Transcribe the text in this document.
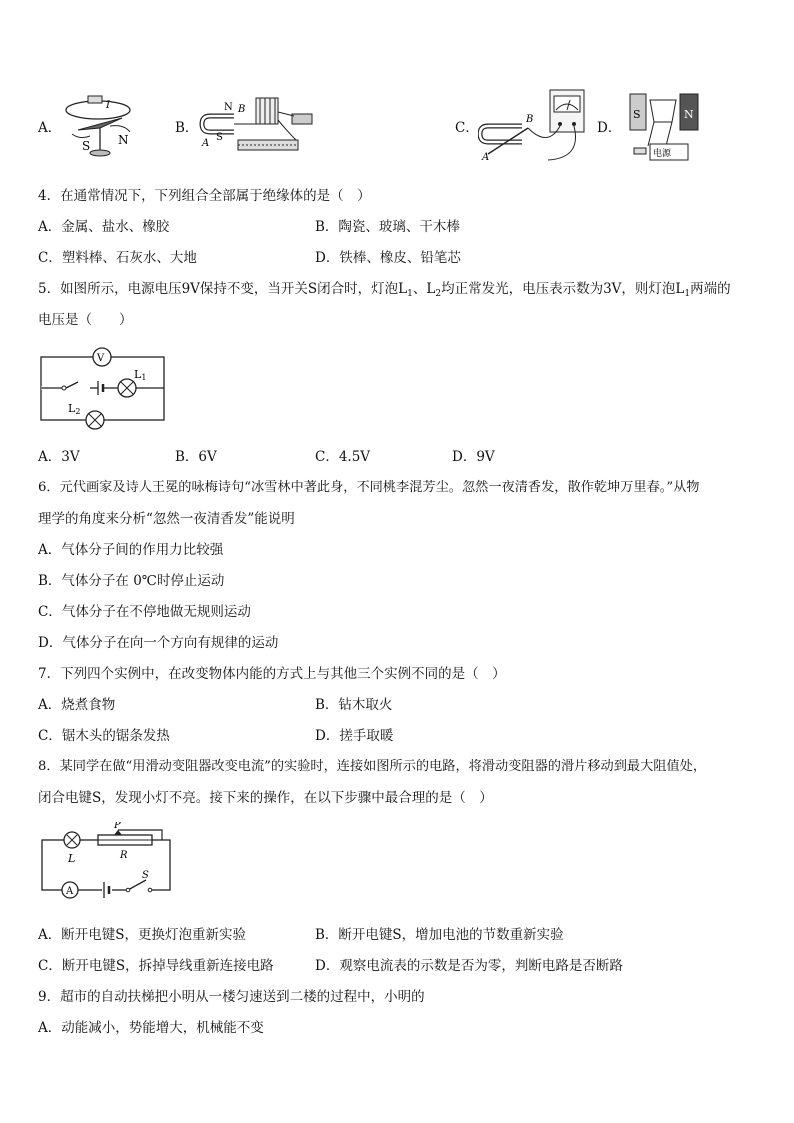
A．
I
S N
B．
N
S
A
B
C．
A
B
D．
S	N
电源
4．在通常情况下，下列组合全部属于绝缘体的是（　）
A．金属、盐水、橡胶	B．陶瓷、玻璃、干木棒
C．塑料棒、石灰水、大地	D．铁棒、橡皮、铅笔芯
5．如图所示，电源电压9V保持不变，当开关S闭合时，灯泡$L_1$、$L_2$均正常发光，电压表示数为3V，则灯泡$L_1$两端的
电压是（　　）
V
L1
L2
A．3V	B．6V	C．4.5V	D．9V
6．元代画家及诗人王冕的咏梅诗句“冰雪林中著此身，不同桃李混芳尘。忽然一夜清香发，散作乾坤万里春。”从物
理学的角度来分析“忽然一夜清香发”能说明
A．气体分子间的作用力比较强
B．气体分子在 0℃时停止运动
C．气体分子在不停地做无规则运动
D．气体分子在向一个方向有规律的运动
7．下列四个实例中，在改变物体内能的方式上与其他三个实例不同的是（　）
A．烧煮食物	B．钻木取火
C．锯木头的锯条发热	D．搓手取暖
8．某同学在做“用滑动变阻器改变电流”的实验时，连接如图所示的电路，将滑动变阻器的滑片移动到最大阻值处，
闭合电键S，发现小灯不亮。接下来的操作，在以下步骤中最合理的是（　）
L
P
R
A
S
A．断开电键S，更换灯泡重新实验	B．断开电键S，增加电池的节数重新实验
C．断开电键S，拆掉导线重新连接电路	D．观察电流表的示数是否为零，判断电路是否断路
9．超市的自动扶梯把小明从一楼匀速送到二楼的过程中，小明的
A．动能减小，势能增大，机械能不变
